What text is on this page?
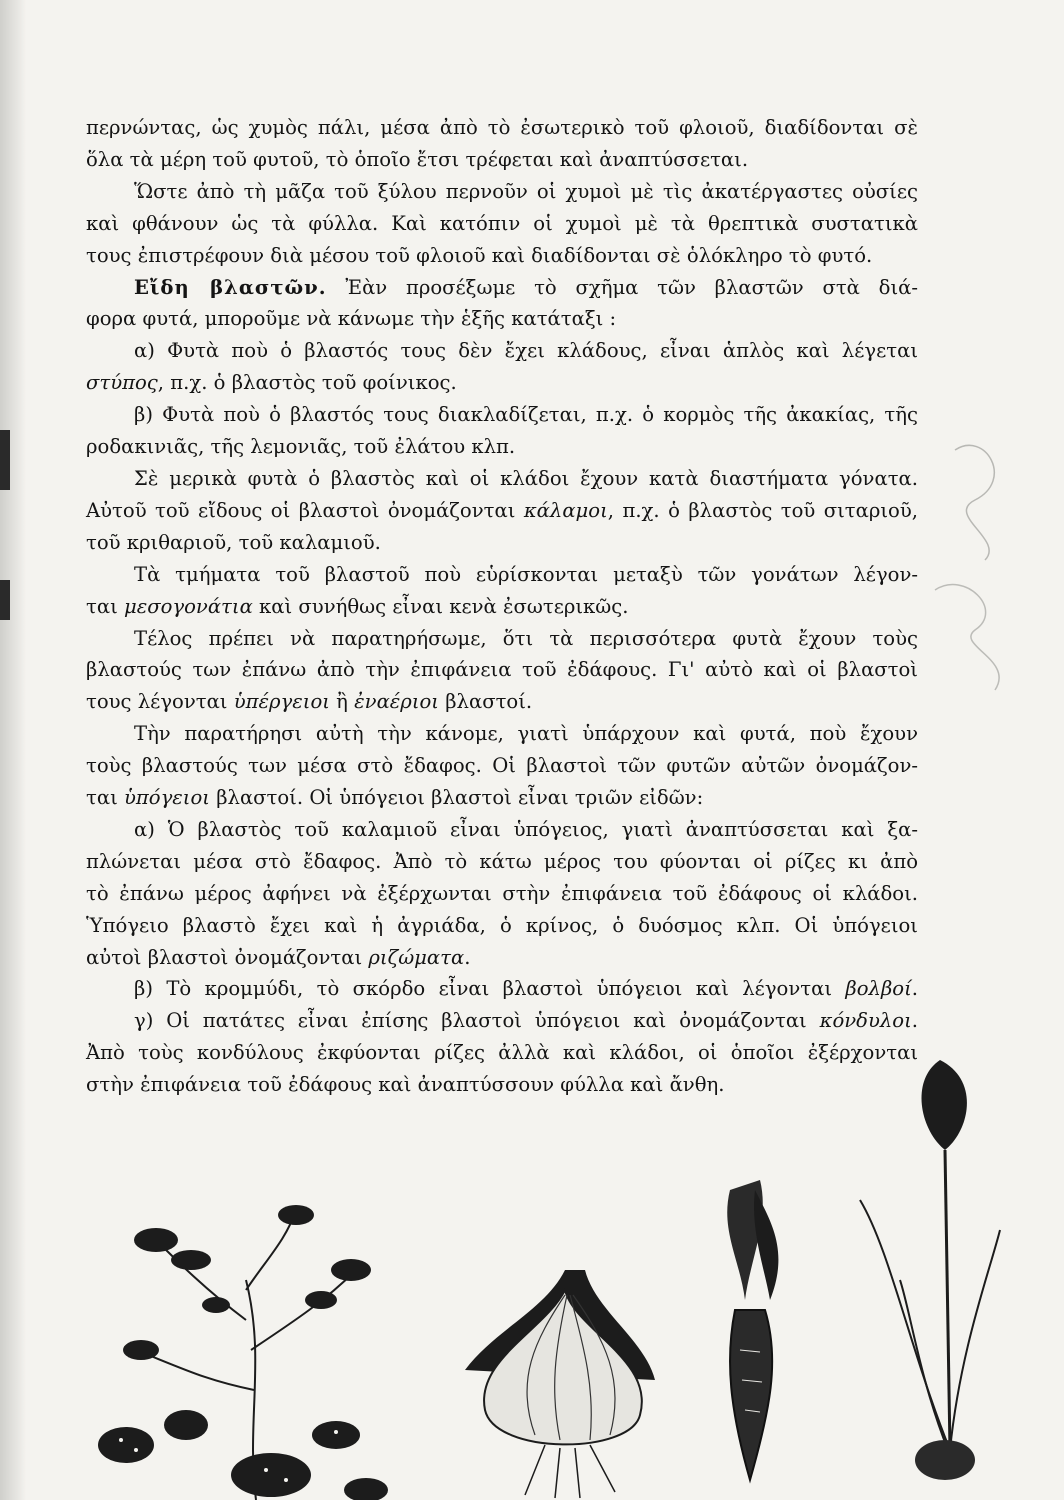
περνώντας, ὡς χυμὸς πάλι, μέσα ἀπὸ τὸ ἐσωτερικὸ τοῦ φλοιοῦ, διαδίδονται σὲ
ὅλα τὰ μέρη τοῦ φυτοῦ, τὸ ὁποῖο ἔτσι τρέφεται καὶ ἀναπτύσσεται.
Ὥστε ἀπὸ τὴ μᾶζα τοῦ ξύλου περνοῦν οἱ χυμοὶ μὲ τὶς ἀκατέργαστες οὐσίες
καὶ φθάνουν ὡς τὰ φύλλα. Καὶ κατόπιν οἱ χυμοὶ μὲ τὰ θρεπτικὰ συστατικὰ
τους ἐπιστρέφουν διὰ μέσου τοῦ φλοιοῦ καὶ διαδίδονται σὲ ὁλόκληρο τὸ φυτό.
Εἴδη βλαστῶν. Ἐὰν προσέξωμε τὸ σχῆμα τῶν βλαστῶν στὰ διά-
φορα φυτά, μποροῦμε νὰ κάνωμε τὴν ἑξῆς κατάταξι :
α) Φυτὰ ποὺ ὁ βλαστός τους δὲν ἔχει κλάδους, εἶναι ἁπλὸς καὶ λέγεται
στύπος, π.χ. ὁ βλαστὸς τοῦ φοίνικος.
β) Φυτὰ ποὺ ὁ βλαστός τους διακλαδίζεται, π.χ. ὁ κορμὸς τῆς ἀκακίας, τῆς
ροδακινιᾶς, τῆς λεμονιᾶς, τοῦ ἐλάτου κλπ.
Σὲ μερικὰ φυτὰ ὁ βλαστὸς καὶ οἱ κλάδοι ἔχουν κατὰ διαστήματα γόνατα.
Αὐτοῦ τοῦ εἴδους οἱ βλαστοὶ ὀνομάζονται κάλαμοι, π.χ. ὁ βλαστὸς τοῦ σιταριοῦ,
τοῦ κριθαριοῦ, τοῦ καλαμιοῦ.
Τὰ τμήματα τοῦ βλαστοῦ ποὺ εὑρίσκονται μεταξὺ τῶν γονάτων λέγον-
ται μεσογονάτια καὶ συνήθως εἶναι κενὰ ἐσωτερικῶς.
Τέλος πρέπει νὰ παρατηρήσωμε, ὅτι τὰ περισσότερα φυτὰ ἔχουν τοὺς
βλαστούς των ἐπάνω ἀπὸ τὴν ἐπιφάνεια τοῦ ἐδάφους. Γι' αὐτὸ καὶ οἱ βλαστοὶ
τους λέγονται ὑπέργειοι ἢ ἐναέριοι βλαστοί.
Τὴν παρατήρησι αὐτὴ τὴν κάνομε, γιατὶ ὑπάρχουν καὶ φυτά, ποὺ ἔχουν
τοὺς βλαστούς των μέσα στὸ ἔδαφος. Οἱ βλαστοὶ τῶν φυτῶν αὐτῶν ὀνομάζον-
ται ὑπόγειοι βλαστοί. Οἱ ὑπόγειοι βλαστοὶ εἶναι τριῶν εἰδῶν:
α) Ὁ βλαστὸς τοῦ καλαμιοῦ εἶναι ὑπόγειος, γιατὶ ἀναπτύσσεται καὶ ξα-
πλώνεται μέσα στὸ ἔδαφος. Ἀπὸ τὸ κάτω μέρος του φύονται οἱ ρίζες κι ἀπὸ
τὸ ἐπάνω μέρος ἀφήνει νὰ ἐξέρχωνται στὴν ἐπιφάνεια τοῦ ἐδάφους οἱ κλάδοι.
Ὑπόγειο βλαστὸ ἔχει καὶ ἡ ἀγριάδα, ὁ κρίνος, ὁ δυόσμος κλπ. Οἱ ὑπόγειοι
αὐτοὶ βλαστοὶ ὀνομάζονται ριζώματα.
β) Τὸ κρομμύδι, τὸ σκόρδο εἶναι βλαστοὶ ὑπόγειοι καὶ λέγονται βολβοί.
γ) Οἱ πατάτες εἶναι ἐπίσης βλαστοὶ ὑπόγειοι καὶ ὀνομάζονται κόνδυλοι.
Ἀπὸ τοὺς κονδύλους ἐκφύονται ρίζες ἀλλὰ καὶ κλάδοι, οἱ ὁποῖοι ἐξέρχονται
στὴν ἐπιφάνεια τοῦ ἐδάφους καὶ ἀναπτύσσουν φύλλα καὶ ἄνθη.
